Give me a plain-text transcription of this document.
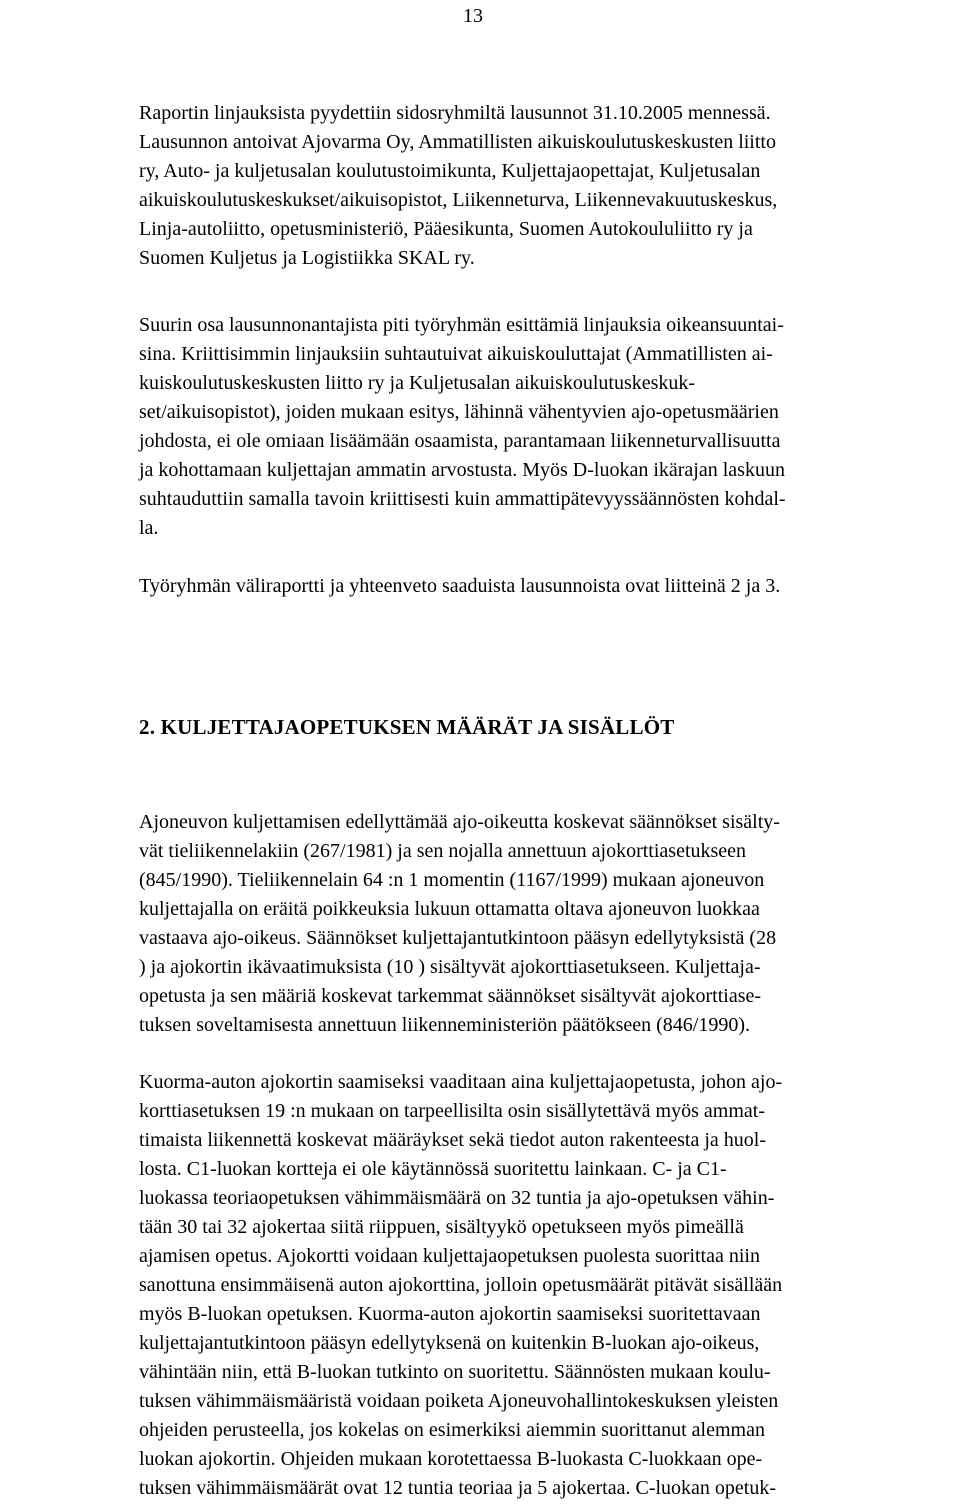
13
Raportin linjauksista pyydettiin sidosryhmiltä lausunnot 31.10.2005 mennessä.
Lausunnon antoivat Ajovarma Oy, Ammatillisten aikuiskoulutuskeskusten liitto
ry, Auto- ja kuljetusalan koulutustoimikunta, Kuljettajaopettajat, Kuljetusalan
aikuiskoulutuskeskukset/aikuisopistot, Liikenneturva, Liikennevakuutuskeskus,
Linja-autoliitto, opetusministeriö, Pääesikunta, Suomen Autokoululiitto ry ja
Suomen Kuljetus ja Logistiikka SKAL ry.
Suurin osa lausunnonantajista piti työryhmän esittämiä linjauksia oikeansuuntai-
sina. Kriittisimmin linjauksiin suhtautuivat aikuiskouluttajat (Ammatillisten ai-
kuiskoulutuskeskusten liitto ry ja Kuljetusalan aikuiskoulutuskeskuk-
set/aikuisopistot), joiden mukaan esitys, lähinnä vähentyvien ajo-opetusmäärien
johdosta, ei ole omiaan lisäämään osaamista, parantamaan liikenneturvallisuutta
ja kohottamaan kuljettajan ammatin arvostusta. Myös D-luokan ikärajan laskuun
suhtauduttiin samalla tavoin kriittisesti kuin ammattipätevyyssäännösten kohdal-
la.
Työryhmän väliraportti ja yhteenveto saaduista lausunnoista ovat liitteinä 2 ja 3.
2. KULJETTAJAOPETUKSEN MÄÄRÄT JA SISÄLLÖT
Ajoneuvon kuljettamisen edellyttämää ajo-oikeutta koskevat säännökset sisälty-
vät tieliikennelakiin (267/1981) ja sen nojalla annettuun ajokorttiasetukseen
(845/1990). Tieliikennelain 64 :n 1 momentin (1167/1999) mukaan ajoneuvon
kuljettajalla on eräitä poikkeuksia lukuun ottamatta oltava ajoneuvon luokkaa
vastaava ajo-oikeus. Säännökset kuljettajantutkintoon pääsyn edellytyksistä (28
) ja ajokortin ikävaatimuksista (10 ) sisältyvät ajokorttiasetukseen. Kuljettaja-
opetusta ja sen määriä koskevat tarkemmat säännökset sisältyvät ajokorttiase-
tuksen soveltamisesta annettuun liikenneministeriön päätökseen (846/1990).
Kuorma-auton ajokortin saamiseksi vaaditaan aina kuljettajaopetusta, johon ajo-
korttiasetuksen 19 :n mukaan on tarpeellisilta osin sisällytettävä myös ammat-
timaista liikennettä koskevat määräykset sekä tiedot auton rakenteesta ja huol-
losta. C1-luokan kortteja ei ole käytännössä suoritettu lainkaan. C- ja C1-
luokassa teoriaopetuksen vähimmäismäärä on 32 tuntia ja ajo-opetuksen vähin-
tään 30 tai 32 ajokertaa siitä riippuen, sisältyykö opetukseen myös pimeällä
ajamisen opetus. Ajokortti voidaan kuljettajaopetuksen puolesta suorittaa niin
sanottuna ensimmäisenä auton ajokorttina, jolloin opetusmäärät pitävät sisällään
myös B-luokan opetuksen. Kuorma-auton ajokortin saamiseksi suoritettavaan
kuljettajantutkintoon pääsyn edellytyksenä on kuitenkin B-luokan ajo-oikeus,
vähintään niin, että B-luokan tutkinto on suoritettu. Säännösten mukaan koulu-
tuksen vähimmäismääristä voidaan poiketa Ajoneuvohallintokeskuksen yleisten
ohjeiden perusteella, jos kokelas on esimerkiksi aiemmin suorittanut alemman
luokan ajokortin. Ohjeiden mukaan korotettaessa B-luokasta C-luokkaan ope-
tuksen vähimmäismäärät ovat 12 tuntia teoriaa ja 5 ajokertaa. C-luokan opetuk-
